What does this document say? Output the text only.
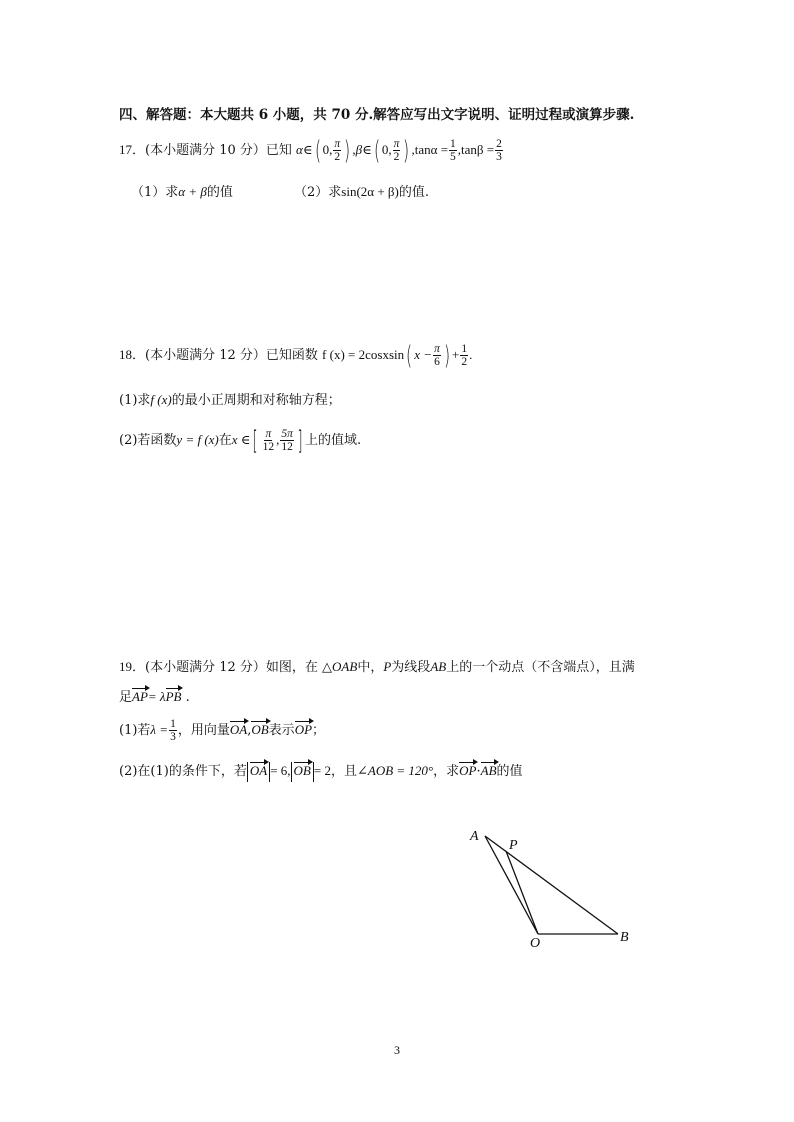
四、解答题：本大题共 6 小题，共 70 分.解答应写出文字说明、证明过程或演算步骤.
17．(本小题满分 10 分）已知 α∈( 0, $\frac{\pi}{2}$ ) ,β∈( 0, $\frac{\pi}{2}$ ) $,\tan\alpha = \frac{1}{5} ,\tan\beta = \frac{2}{3}$
（1）求α + β的值	（2）求sin(2α + β)的值.
18．(本小题满分 12 分）已知函数 f (x) = 2cosxsin( $x - \frac{\pi}{6}$ ) + $\frac{1}{2}$ .
(1)求f (x)的最小正周期和对称轴方程；
(2)若函数y = f (x)在x ∈[ $\frac{\pi}{12}$ , $\frac{5\pi}{12}$ ] 上的值域.
19．(本小题满分 12 分）如图，在 △OAB中，P为线段AB上的一个动点（不含端点），且满
足AP= λPB .
(1)若$\lambda = \frac{1}{3}$ ，用向量OA,OB表示OP；
(2)在(1)的条件下，若 OA = 6, OB = 2，且∠AOB = 120°，求OP·AB的值
A
P
O	B
3
